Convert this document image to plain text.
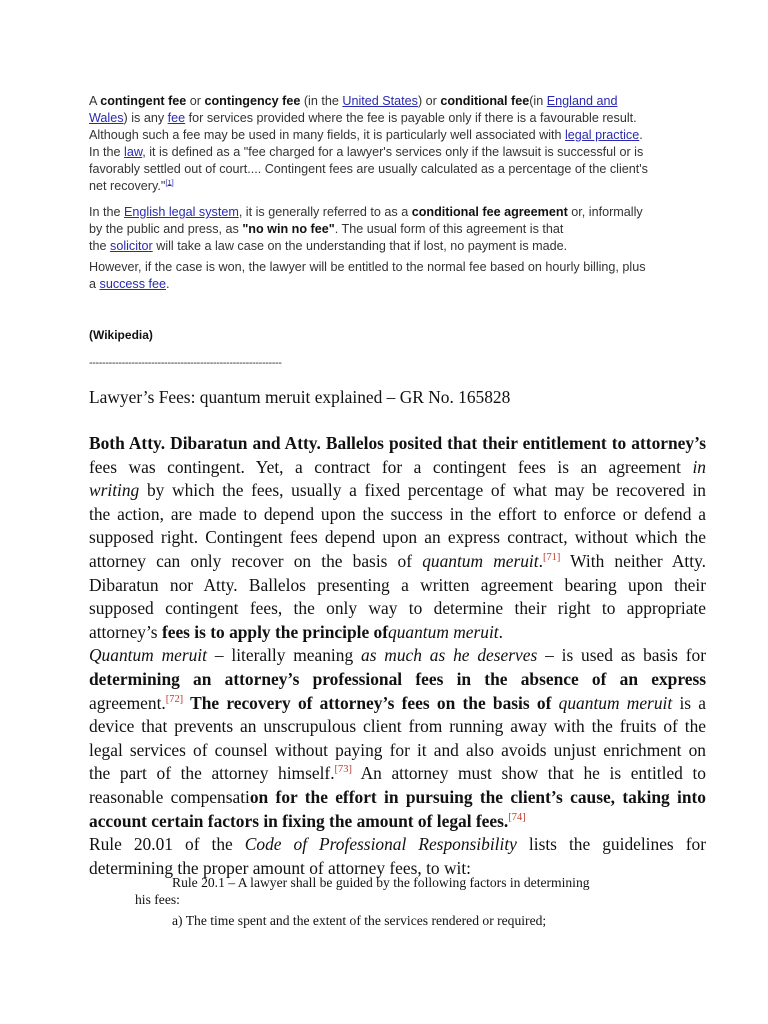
A contingent fee or contingency fee (in the United States) or conditional fee(in England and
Wales) is any fee for services provided where the fee is payable only if there is a favourable result.
Although such a fee may be used in many fields, it is particularly well associated with legal practice.
In the law, it is defined as a "fee charged for a lawyer's services only if the lawsuit is successful or is
favorably settled out of court.... Contingent fees are usually calculated as a percentage of the client's
net recovery."[1]
In the English legal system, it is generally referred to as a conditional fee agreement or, informally
by the public and press, as "no win no fee". The usual form of this agreement is that
the solicitor will take a law case on the understanding that if lost, no payment is made.
However, if the case is won, the lawyer will be entitled to the normal fee based on hourly billing, plus
a success fee.
(Wikipedia)
-----------------------------------------------------------
Lawyer’s Fees: quantum meruit explained – GR No. 165828
Both Atty. Dibaratun and Atty. Ballelos posited that their entitlement to attorney’s
fees was contingent. Yet, a contract for a contingent fees is an agreement in
writing by which the fees, usually a fixed percentage of what may be recovered in
the action, are made to depend upon the success in the effort to enforce or defend a
supposed right. Contingent fees depend upon an express contract, without which the
attorney can only recover on the basis of quantum meruit.[71] With neither Atty.
Dibaratun nor Atty. Ballelos presenting a written agreement bearing upon their
supposed contingent fees, the only way to determine their right to appropriate
attorney’s fees is to apply the principle ofquantum meruit.
Quantum meruit – literally meaning as much as he deserves – is used as basis for
determining an attorney’s professional fees in the absence of an express
agreement.[72] The recovery of attorney’s fees on the basis of quantum meruit is a
device that prevents an unscrupulous client from running away with the fruits of the
legal services of counsel without paying for it and also avoids unjust enrichment on
the part of the attorney himself.[73] An attorney must show that he is entitled to
reasonable compensation for the effort in pursuing the client’s cause, taking into
account certain factors in fixing the amount of legal fees.[74]
Rule 20.01 of the Code of Professional Responsibility lists the guidelines for
determining the proper amount of attorney fees, to wit:
Rule 20.1 – A lawyer shall be guided by the following factors in determining
his fees:
a) The time spent and the extent of the services rendered or required;
